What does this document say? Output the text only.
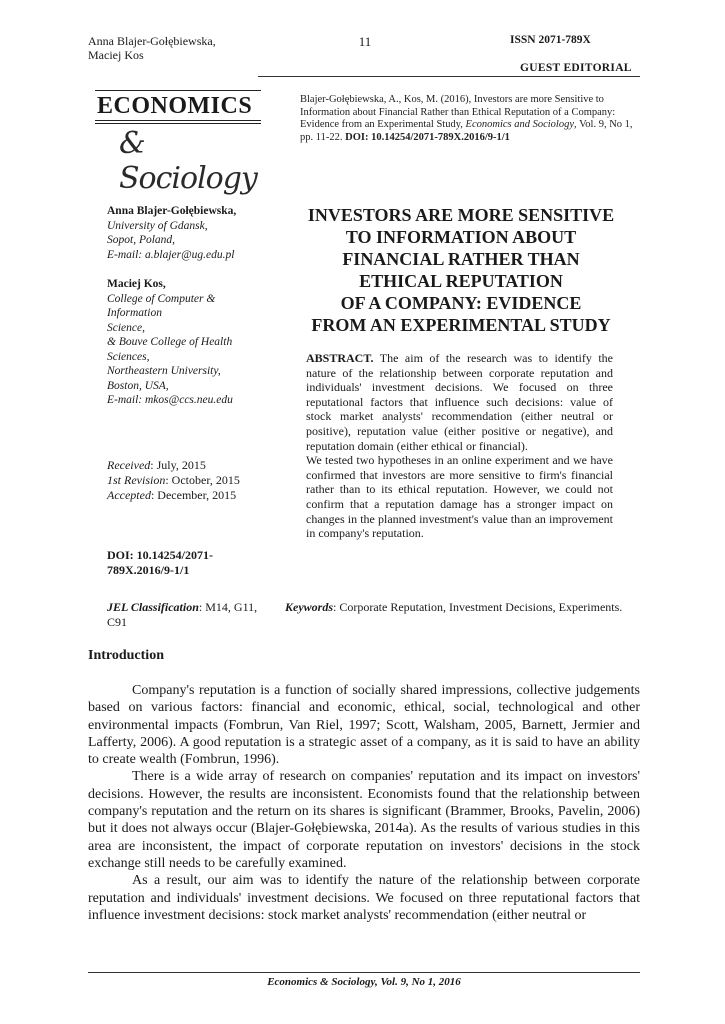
Anna Blajer-Gołębiewska,
Maciej Kos
11	ISSN 2071-789X
GUEST EDITORIAL
ECONOMICS
& Sociology
Blajer-Gołębiewska, A., Kos, M. (2016), Investors are more Sensitive to Information about Financial Rather than Ethical Reputation of a Company: Evidence from an Experimental Study, Economics and Sociology, Vol. 9, No 1, pp. 11-22. DOI: 10.14254/2071-789X.2016/9-1/1
Anna Blajer-Gołębiewska,
University of Gdansk,
Sopot, Poland,
E-mail: a.blajer@ug.edu.pl
Maciej Kos,
College of Computer & Information
Science,
& Bouve College of Health
Sciences,
Northeastern University,
Boston, USA,
E-mail: mkos@ccs.neu.edu
Received: July, 2015
1st Revision: October, 2015
Accepted: December, 2015
DOI: 10.14254/2071-
789X.2016/9-1/1
JEL Classification: M14, G11, C91
INVESTORS ARE MORE SENSITIVE
TO INFORMATION ABOUT
FINANCIAL RATHER THAN
ETHICAL REPUTATION
OF A COMPANY: EVIDENCE
FROM AN EXPERIMENTAL STUDY
ABSTRACT. The aim of the research was to identify the nature of the relationship between corporate reputation and individuals' investment decisions. We focused on three reputational factors that influence such decisions: value of stock market analysts' recommendation (either neutral or positive), reputation value (either positive or negative), and reputation domain (either ethical or financial).
We tested two hypotheses in an online experiment and we have confirmed that investors are more sensitive to firm's financial rather than to its ethical reputation. However, we could not confirm that a reputation damage has a stronger impact on changes in the planned investment's value than an improvement in company's reputation.
Keywords: Corporate Reputation, Investment Decisions, Experiments.
Introduction

Company's reputation is a function of socially shared impressions, collective judgements based on various factors: financial and economic, ethical, social, technological and other environmental impacts (Fombrun, Van Riel, 1997; Scott, Walsham, 2005, Barnett, Jermier and Lafferty, 2006). A good reputation is a strategic asset of a company, as it is said to have an ability to create wealth (Fombrun, 1996).

There is a wide array of research on companies' reputation and its impact on investors' decisions. However, the results are inconsistent. Economists found that the relationship between company's reputation and the return on its shares is significant (Brammer, Brooks, Pavelin, 2006) but it does not always occur (Blajer-Gołębiewska, 2014a). As the results of various studies in this area are inconsistent, the impact of corporate reputation on investors' decisions in the stock exchange still needs to be carefully examined.

As a result, our aim was to identify the nature of the relationship between corporate reputation and individuals' investment decisions. We focused on three reputational factors that influence investment decisions: stock market analysts' recommendation (either neutral or

Economics & Sociology, Vol. 9, No 1, 2016
